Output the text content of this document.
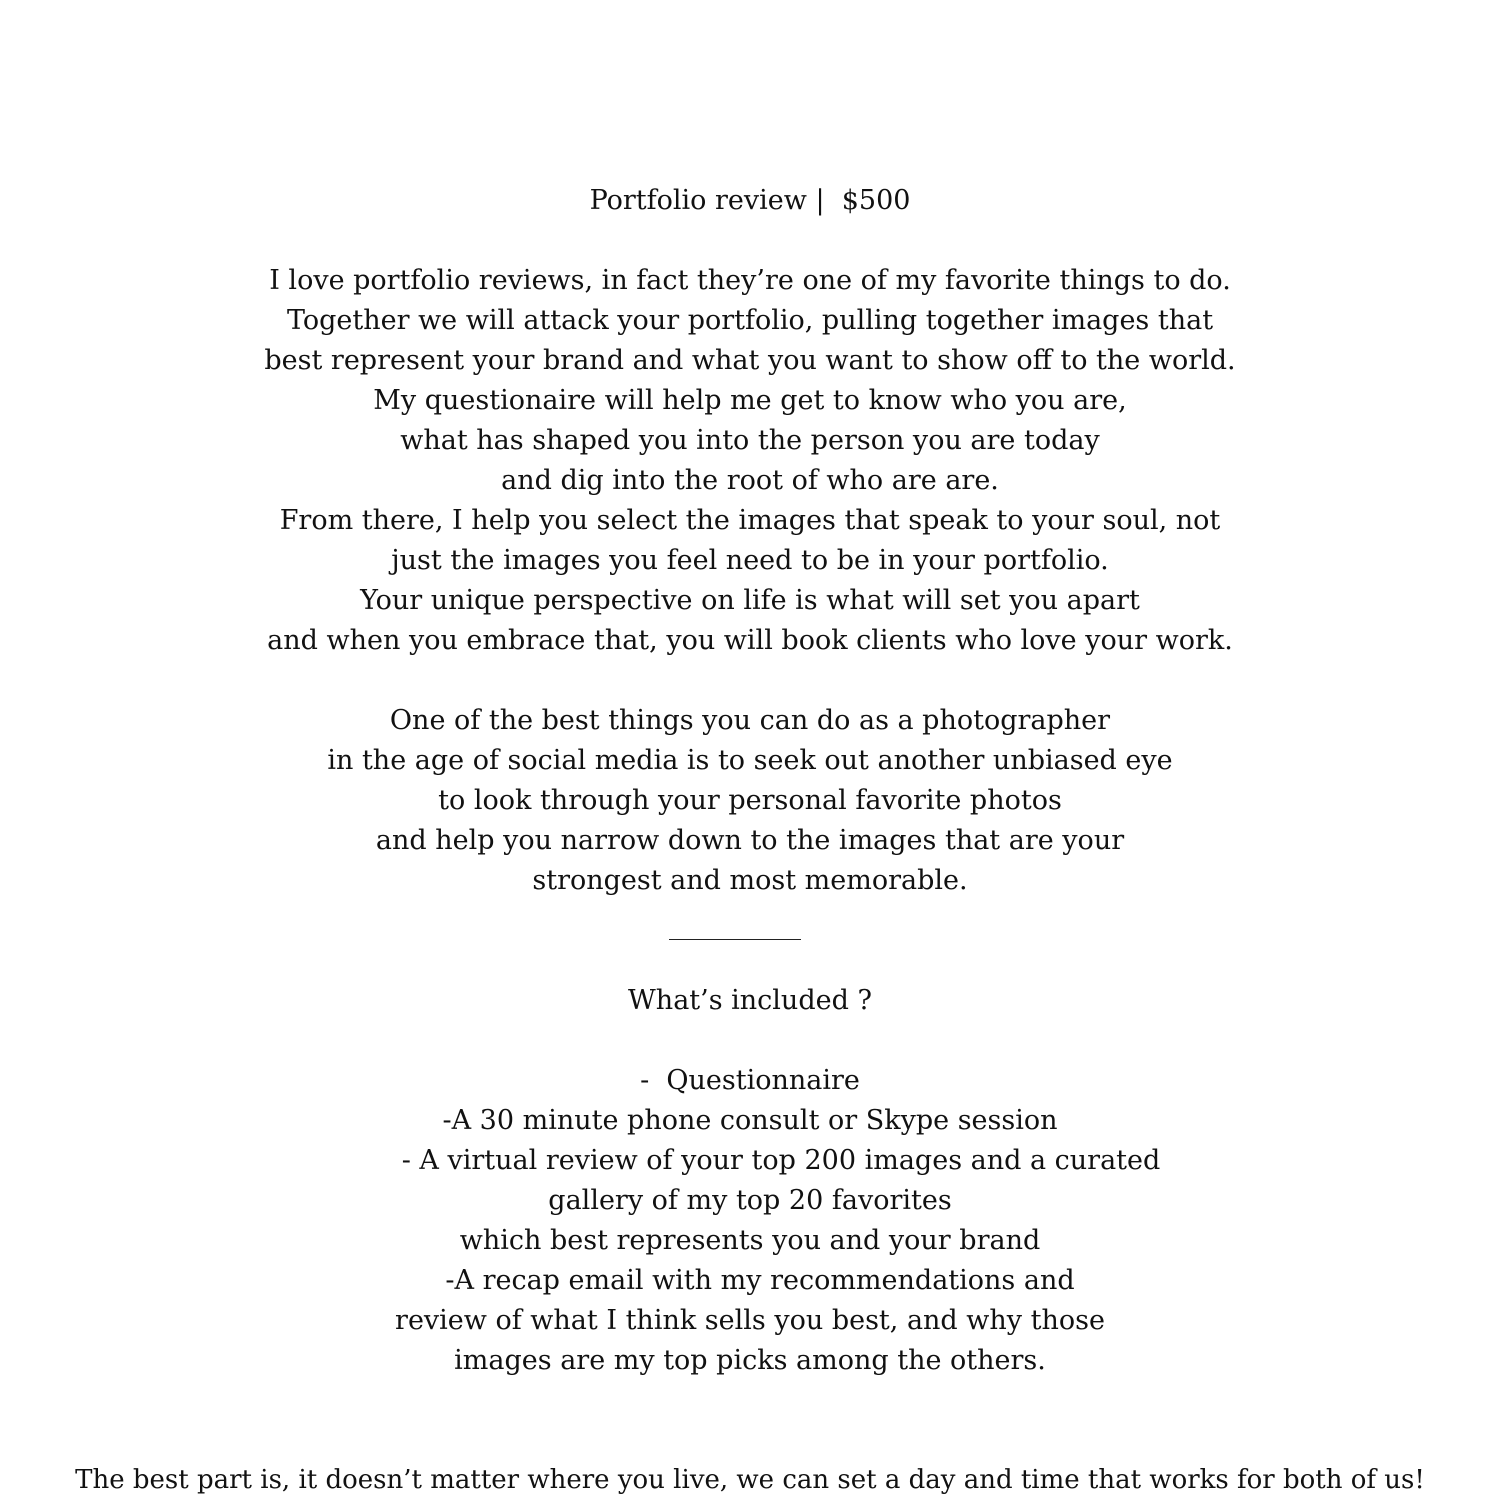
Portfolio review |  $500
I love portfolio reviews, in fact they’re one of my favorite things to do.
Together we will attack your portfolio, pulling together images that
best represent your brand and what you want to show off to the world.
My questionaire will help me get to know who you are,
what has shaped you into the person you are today
and dig into the root of who are are.
From there, I help you select the images that speak to your soul, not
just the images you feel need to be in your portfolio.
Your unique perspective on life is what will set you apart
and when you embrace that, you will book clients who love your work.
One of the best things you can do as a photographer
in the age of social media is to seek out another unbiased eye
to look through your personal favorite photos
and help you narrow down to the images that are your
strongest and most memorable.
What’s included ?
-  Questionnaire
-A 30 minute phone consult or Skype session
- A virtual review of your top 200 images and a curated
gallery of my top 20 favorites
which best represents you and your brand
-A recap email with my recommendations and
review of what I think sells you best, and why those
images are my top picks among the others.
The best part is, it doesn’t matter where you live, we can set a day and time that works for both of us!
